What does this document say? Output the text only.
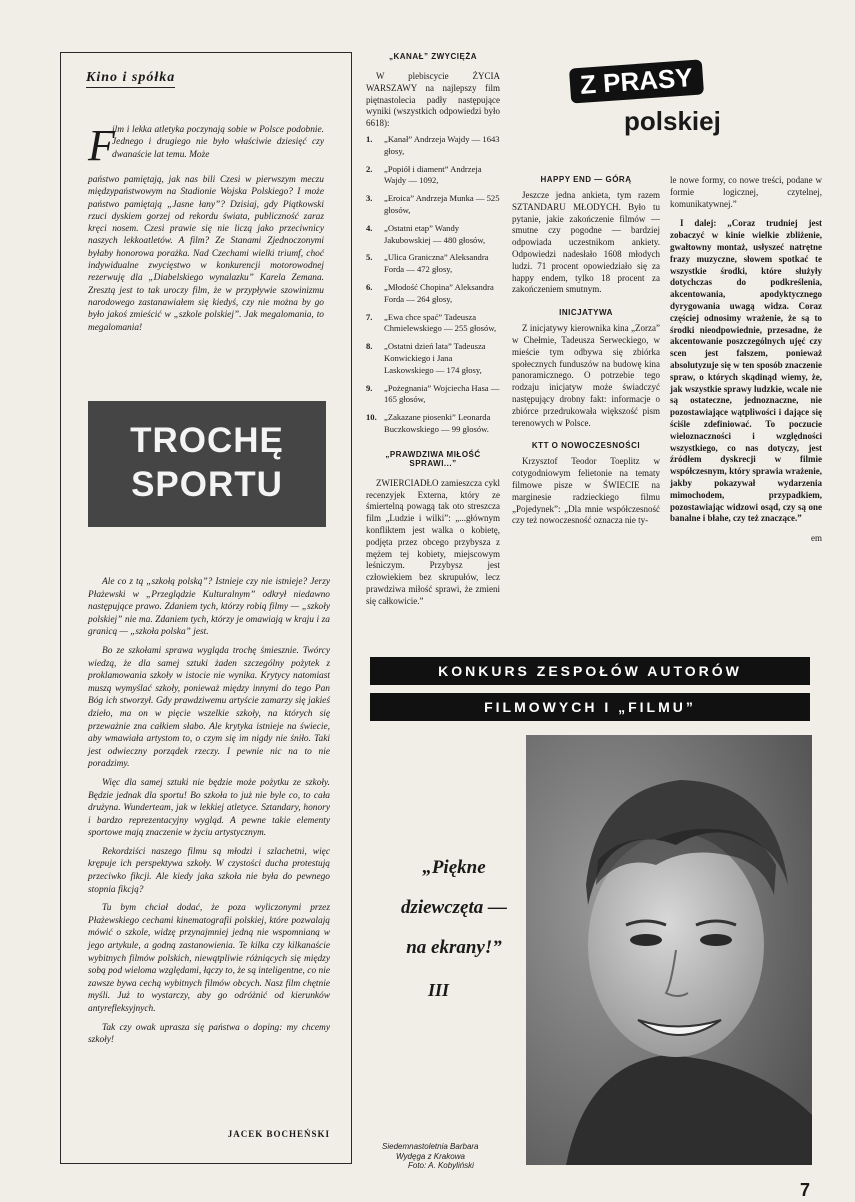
Kino i spółka
F

ilm i lekka atletyka poczynają sobie w Polsce podobnie. Jednego i drugiego nie było właściwie dziesięć czy dwanaście lat temu. Może

państwo pamiętają, jak nas bili Czesi w pierwszym meczu międzypaństwowym na Stadionie Wojska Polskiego? I może państwo pamiętają „Jasne łany”? Dzisiaj, gdy Piątkowski rzuci dyskiem gorzej od rekordu świata, publiczność zaraz kręci nosem. Czesi prawie się nie liczą jako przeciwnicy naszych lekkoatletów. A film? Ze Stanami Zjednoczonymi byłaby honorowa porażka. Nad Czechami wielki triumf, choć indywidualne zwycięstwo w konkurencji motorowodnej rezerwuję dla „Diabelskiego wynalazku” Karela Zemana. Zresztą jest to tak uroczy film, że w przypływie szowinizmu narodowego zastanawiałem się kiedyś, czy nie można by go było jakoś zmieścić w „szkole polskiej”. Jak megalomania, to megalomania!

TROCHĘ
SPORTU

Ale co z tą „szkołą polską”? Istnieje czy nie istnieje? Jerzy Płażewski w „Przeglądzie Kulturalnym” odkrył niedawno następujące prawo. Zdaniem tych, którzy robią filmy — „szkoły polskiej” nie ma. Zdaniem tych, którzy je omawiają w kraju i za granicą — „szkoła polska” jest.

Bo ze szkołami sprawa wygląda trochę śmiesznie. Twórcy wiedzą, że dla samej sztuki żaden szczególny pożytek z proklamowania szkoły w istocie nie wynika. Krytycy natomiast muszą wymyślać szkoły, ponieważ między innymi do tego Pan Bóg ich stworzył. Gdy prawdziwemu artyście zamarzy się jakieś dzieło, ma on w pięcie wszelkie szkoły, na których się przeważnie zna całkiem słabo. Ale krytyka istnieje na świecie, aby wmawiała artystom to, o czym się im nigdy nie śniło. Taki jest odwieczny porządek rzeczy. I pewnie nic na to nie poradzimy.

Więc dla samej sztuki nie będzie może pożytku ze szkoły. Będzie jednak dla sportu! Bo szkoła to już nie byle co, to cała drużyna. Wunderteam, jak w lekkiej atletyce. Sztandary, honory i bardzo reprezentacyjny wygląd. A pewne takie elementy sportowe mają znaczenie w życiu artystycznym.

Rekordziści naszego filmu są młodzi i szlachetni, więc krępuje ich perspektywa szkoły. W czystości ducha protestują przeciwko fikcji. Ale kiedy jaka szkoła nie była do pewnego stopnia fikcją?

Tu bym chciał dodać, że poza wyliczonymi przez Płażewskiego cechami kinematografii polskiej, które pozwalają mówić o szkole, widzę przynajmniej jedną nie wspomnianą w jego artykule, a godną zastanowienia. Te kilka czy kilkanaście wybitnych filmów polskich, niewątpliwie różniących się między sobą pod wieloma względami, łączy to, że są inteligentne, co nie zawsze bywa cechą wybitnych filmów obcych. Nasz film chętnie myśli. Już to wystarczy, aby go odróżnić od kierunków antyrefleksyjnych.

Tak czy owak uprasza się państwa o doping: my chcemy szkoły!

JACEK BOCHEŃSKI
„KANAŁ” ZWYCIĘŻA

W plebiscycie ŻYCIA WARSZAWY na najlepszy film piętnastolecia padły następujące wyniki (wszystkich odpowiedzi było 6618):

1. „Kanał” Andrzeja Wajdy — 1643 głosy,
2. „Popiół i diament” Andrzeja Wajdy — 1092,
3. „Eroica” Andrzeja Munka — 525 głosów,
4. „Ostatni etap” Wandy Jakubowskiej — 480 głosów,
5. „Ulica Graniczna” Aleksandra Forda — 472 głosy,
6. „Młodość Chopina” Aleksandra Forda — 264 głosy,
7. „Ewa chce spać” Tadeusza Chmielewskiego — 255 głosów,
8. „Ostatni dzień lata” Tadeusza Konwickiego i Jana Laskowskiego — 174 głosy,
9. „Pożegnania” Wojciecha Hasa — 165 głosów,
10. „Zakazane piosenki” Leonarda Buczkowskiego — 99 głosów.
„PRAWDZIWA MIŁOŚĆ SPRAWI...”

ZWIERCIADŁO zamieszcza cykl recenzyjek Externa, który ze śmiertelną powagą tak oto streszcza film „Ludzie i wilki”: „...głównym konfliktem jest walka o kobietę, podjęta przez obcego przybysza z mężem tej kobiety, miejscowym leśniczym. Przybysz jest człowiekiem bez skrupułów, lecz prawdziwa miłość sprawi, że zmieni się całkowicie.”

Z PRASY
polskiej
HAPPY END — GÓRĄ

Jeszcze jedna ankieta, tym razem SZTANDARU MŁODYCH. Było tu pytanie, jakie zakończenie filmów — smutne czy pogodne — bardziej odpowiada uczestnikom ankiety. Odpowiedzi nadesłało 1608 młodych ludzi. 71 procent opowiedziało się za happy endem, tylko 18 procent za zakończeniem smutnym.

INICJATYWA

Z inicjatywy kierownika kina „Zorza” w Chełmie, Tadeusza Serweckiego, w mieście tym odbywa się zbiórka społecznych funduszów na budowę kina panoramicznego. O potrzebie tego rodzaju inicjatyw może świadczyć następujący drobny fakt: informacje o zbiórce przedrukowała większość pism terenowych w Polsce.

KTT O NOWOCZESNOŚCI

Krzysztof Teodor Toeplitz w cotygodniowym felietonie na tematy filmowe pisze w ŚWIECIE na marginesie radzieckiego filmu „Pojedynek”: „Dla mnie współczesność czy też nowoczesność oznacza nie ty-

le nowe formy, co nowe treści, podane w formie logicznej, czytelnej, komunikatywnej.”

I dalej: „Coraz trudniej jest zobaczyć w kinie wielkie zbliżenie, gwałtowny montaż, usłyszeć natrętne frazy muzyczne, słowem spotkać te wszystkie środki, które służyły dotychczas do podkreślenia, akcentowania, apodyktycznego dyrygowania uwagą widza. Coraz częściej odnosimy wrażenie, że są to środki nieodpowiednie, przesadne, że akcentowanie poszczególnych ujęć czy scen jest fałszem, ponieważ absolutyzuje się w ten sposób znaczenie spraw, o których skądinąd wiemy, że, jak wszystkie sprawy ludzkie, wcale nie są ostateczne, jednoznaczne, nie pozostawiające wątpliwości i dające się ściśle zdefiniować. To poczucie wieloznaczności i względności wszystkiego, co nas dotyczy, jest źródłem dyskrecji w filmie współczesnym, który sprawia wrażenie, jakby pokazywał wydarzenia mimochodem, przypadkiem, pozostawiając widzowi osąd, czy są one banalne i błahe, czy też znaczące.”

em

KONKURS ZESPOŁÓW AUTORÓW
FILMOWYCH I „FILMU”
„Piękne
dziewczęta —
na ekrany!”
III
Siedemnastoletnia Barbara
Wydęga z Krakowa
Foto: A. Kobyliński
7
